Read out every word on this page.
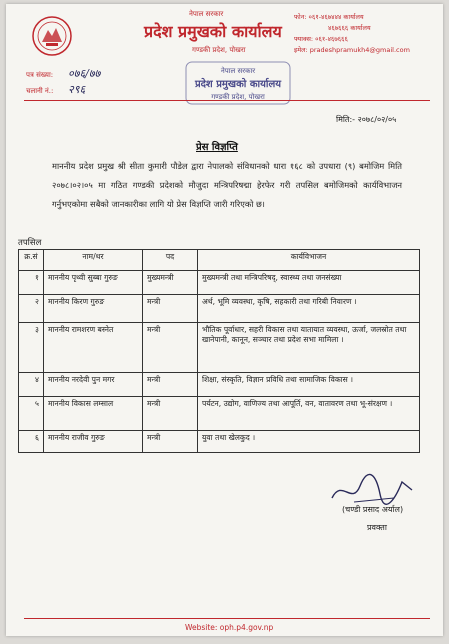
नेपाल सरकार
प्रदेश प्रमुखको कार्यालय
गण्डकी प्रदेश, पोखरा
फोन: ०६१-४६७४४४ कार्यालय
४६७६६६ कार्यालय
फ्याक्स: ०६१-४६७६६६
इमेल: pradeshpramukh4@gmail.com
नेपाल सरकार
प्रदेश प्रमुखको कार्यालय
गण्डकी प्रदेश, पोखरा
पत्र संख्या: ०७६/७७
चलानी नं.: २९६
मिति:- २०७८/०२/०५
प्रेस विज्ञप्ति
माननीय प्रदेश प्रमुख श्री सीता कुमारी पौडेल द्वारा नेपालको संविधानको धारा १६८ को उपधारा (९) बमोजिम मिति २०७८।०२।०५ मा गठित गण्डकी प्रदेशको मौजुदा मन्त्रिपरिषद्मा हेरफेर गरी तपसिल बमोजिमको कार्यविभाजन गर्नुभएकोमा सबैको जानकारीका लागि यो प्रेस विज्ञप्ति जारी गरिएको छ।
तपसिल
क्र.सं	नाम/थर	पद	कार्यविभाजन
१	माननीय पृथ्वी सुब्बा गुरुङ	मुख्यमन्त्री	मुख्यमन्त्री तथा मन्त्रिपरिषद्, स्वास्थ्य तथा जनसंख्या
२	माननीय किरण गुरुङ	मन्त्री	अर्थ, भूमि व्यवस्था, कृषि, सहकारी तथा गरिबी निवारण ।
३	माननीय रामशरण बस्नेत	मन्त्री	भौतिक पूर्वाधार, सहरी विकास तथा यातायात व्यवस्था, ऊर्जा, जलस्रोत तथा खानेपानी, कानून, सञ्चार तथा प्रदेश सभा मामिला ।
४	माननीय नरदेवी पुन मगर	मन्त्री	शिक्षा, संस्कृति, विज्ञान प्रविधि तथा सामाजिक विकास ।
५	माननीय विकास लम्साल	मन्त्री	पर्यटन, उद्योग, वाणिज्य तथा आपूर्ति, वन, वातावरण तथा भू-संरक्षण ।
६	माननीय राजीव गुरुङ	मन्त्री	युवा तथा खेलकुद ।
(चण्डी प्रसाद अर्याल)
प्रवक्ता
Website: oph.p4.gov.np
